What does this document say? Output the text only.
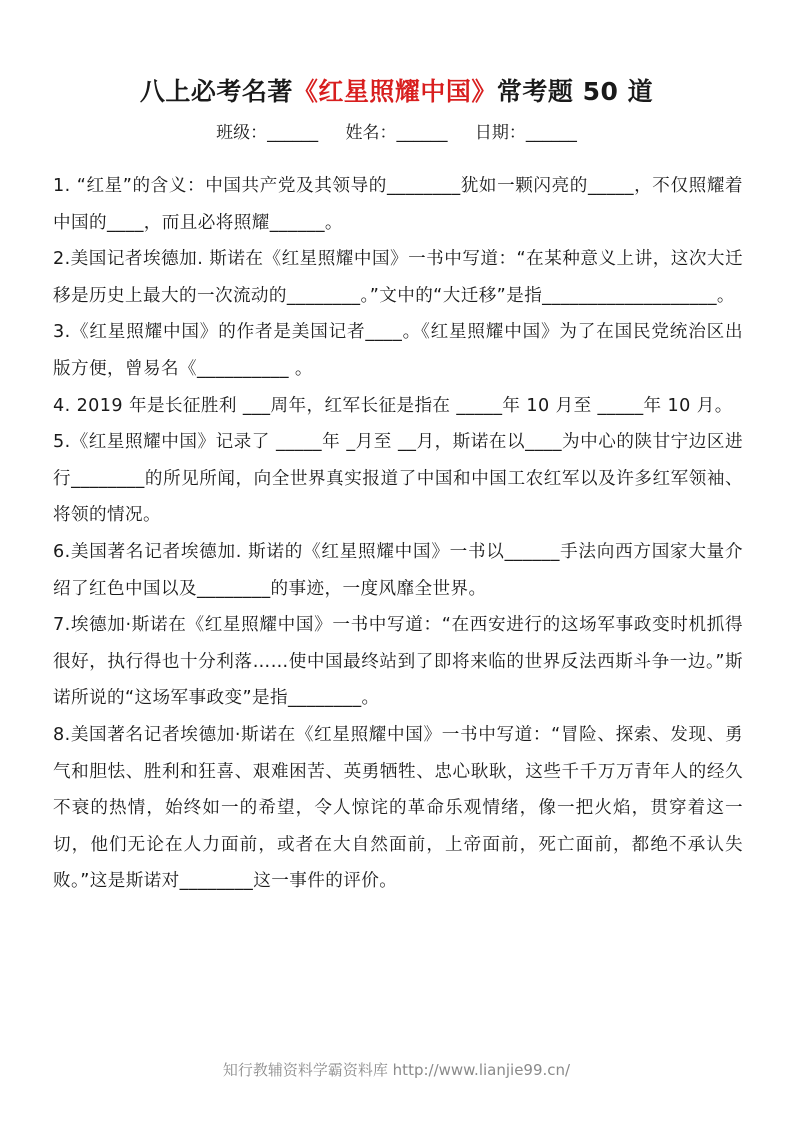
八上必考名著《红星照耀中国》常考题 50 道
班级：______ 姓名：______ 日期：______

1. “红星”的含义：中国共产党及其领导的________犹如一颗闪亮的_____，不仅照耀着中国的____，而且必将照耀______。

2.美国记者埃德加. 斯诺在《红星照耀中国》一书中写道：“在某种意义上讲，这次大迁移是历史上最大的一次流动的________。”文中的“大迁移”是指___________________。

3.《红星照耀中国》的作者是美国记者____。《红星照耀中国》为了在国民党统治区出版方便，曾易名《__________ 。

4. 2019 年是长征胜利 ___周年，红军长征是指在 _____年 10 月至 _____年 10 月。

5.《红星照耀中国》记录了 _____年 _月至 __月，斯诺在以____为中心的陕甘宁边区进行________的所见所闻，向全世界真实报道了中国和中国工农红军以及许多红军领袖、将领的情况。

6.美国著名记者埃德加. 斯诺的《红星照耀中国》一书以______手法向西方国家大量介绍了红色中国以及________的事迹，一度风靡全世界。

7.埃德加·斯诺在《红星照耀中国》一书中写道：“在西安进行的这场军事政变时机抓得很好，执行得也十分利落……使中国最终站到了即将来临的世界反法西斯斗争一边。”斯诺所说的“这场军事政变”是指________。

8.美国著名记者埃德加·斯诺在《红星照耀中国》一书中写道：“冒险、探索、发现、勇气和胆怯、胜利和狂喜、艰难困苦、英勇牺牲、忠心耿耿，这些千千万万青年人的经久不衰的热情，始终如一的希望，令人惊诧的革命乐观情绪，像一把火焰，贯穿着这一切，他们无论在人力面前，或者在大自然面前，上帝面前，死亡面前，都绝不承认失败。”这是斯诺对________这一事件的评价。

知行教辅资料学霸资料库 http://www.lianjie99.cn/
